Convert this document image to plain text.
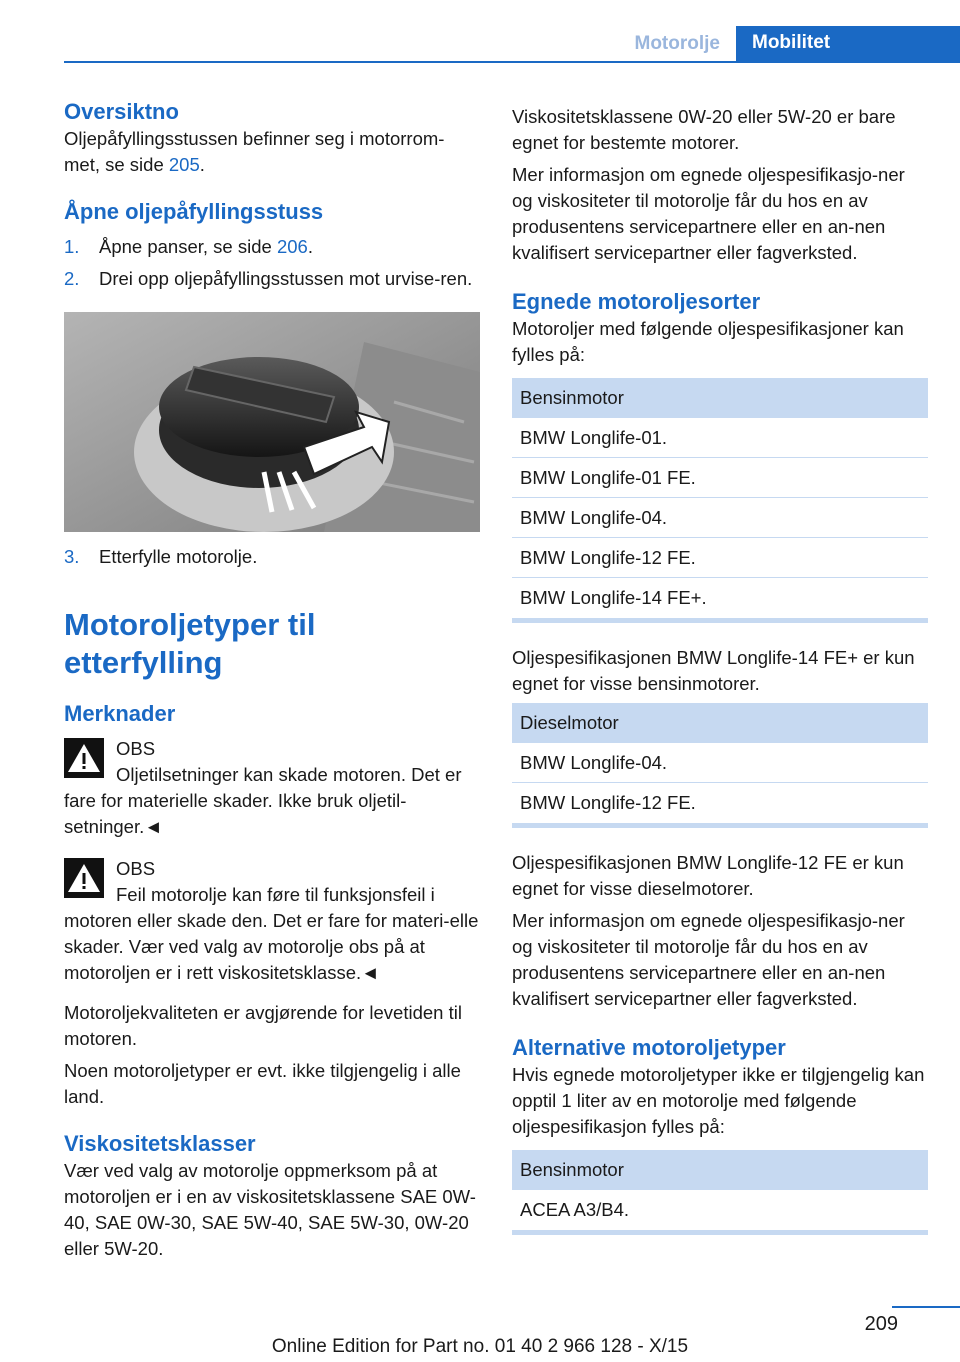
Motorolje	Mobilitet
Oversiktno

Oljepåfyllingsstussen befinner seg i motorrom-
met, se side 205.

Åpne oljepåfyllingsstuss
1. Åpne panser, se side 206.
2. Drei opp oljepåfyllingsstussen mot urvise-ren.
3. Etterfylle motorolje.
Motoroljetyper til etterfylling
Merknader

OBS

Oljetilsetninger kan skade motoren. Det er fare for materielle skader. Ikke bruk oljetil-setninger.◄

OBS

Feil motorolje kan føre til funksjonsfeil i motoren eller skade den. Det er fare for materi-elle skader. Vær ved valg av motorolje obs på at motoroljen er i rett viskositetsklasse.◄

Motoroljekvaliteten er avgjørende for levetiden til motoren.

Noen motoroljetyper er evt. ikke tilgjengelig i alle land.

Viskositetsklasser

Vær ved valg av motorolje oppmerksom på at motoroljen er i en av viskositetsklassene SAE 0W-40, SAE 0W-30, SAE 5W-40, SAE 5W-30, 0W-20 eller 5W-20.

Viskositetsklassene 0W-20 eller 5W-20 er bare egnet for bestemte motorer.

Mer informasjon om egnede oljespesifikasjo-ner og viskositeter til motorolje får du hos en av produsentens servicepartnere eller en an-nen kvalifisert servicepartner eller fagverksted.

Egnede motoroljesorter

Motoroljer med følgende oljespesifikasjoner kan fylles på:

Bensinmotor
BMW Longlife-01.
BMW Longlife-01 FE.
BMW Longlife-04.
BMW Longlife-12 FE.
BMW Longlife-14 FE+.

Oljespesifikasjonen BMW Longlife-14 FE+ er kun egnet for visse bensinmotorer.

Dieselmotor
BMW Longlife-04.
BMW Longlife-12 FE.

Oljespesifikasjonen BMW Longlife-12 FE er kun egnet for visse dieselmotorer.

Mer informasjon om egnede oljespesifikasjo-ner og viskositeter til motorolje får du hos en av produsentens servicepartnere eller en an-nen kvalifisert servicepartner eller fagverksted.

Alternative motoroljetyper

Hvis egnede motoroljetyper ikke er tilgjengelig kan opptil 1 liter av en motorolje med følgende oljespesifikasjon fylles på:

Bensinmotor
ACEA A3/B4.
209
Online Edition for Part no. 01 40 2 966 128 - X/15
